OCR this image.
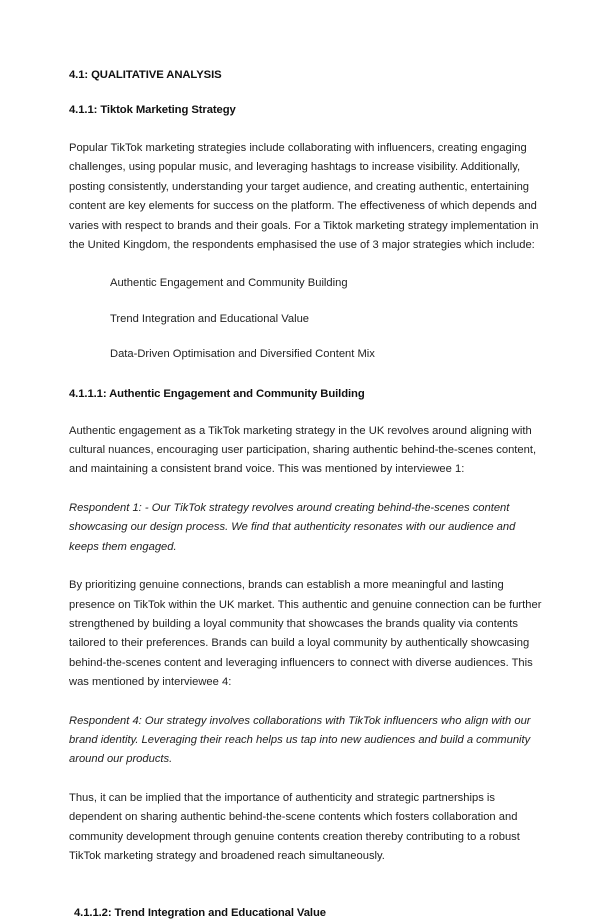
4.1: QUALITATIVE ANALYSIS
4.1.1: Tiktok Marketing Strategy

Popular TikTok marketing strategies include collaborating with influencers, creating engaging challenges, using popular music, and leveraging hashtags to increase visibility. Additionally, posting consistently, understanding your target audience, and creating authentic, entertaining content are key elements for success on the platform. The effectiveness of which depends and varies with respect to brands and their goals. For a Tiktok marketing strategy implementation in the United Kingdom, the respondents emphasised the use of 3 major strategies which include:

Authentic Engagement and Community Building
Trend Integration and Educational Value
Data-Driven Optimisation and Diversified Content Mix
4.1.1.1: Authentic Engagement and Community Building

Authentic engagement as a TikTok marketing strategy in the UK revolves around aligning with cultural nuances, encouraging user participation, sharing authentic behind-the-scenes content, and maintaining a consistent brand voice. This was mentioned by interviewee 1:

Respondent 1: - Our TikTok strategy revolves around creating behind-the-scenes content showcasing our design process. We find that authenticity resonates with our audience and keeps them engaged.

By prioritizing genuine connections, brands can establish a more meaningful and lasting presence on TikTok within the UK market. This authentic and genuine connection can be further strengthened by building a loyal community that showcases the brands quality via contents tailored to their preferences. Brands can build a loyal community by authentically showcasing behind-the-scenes content and leveraging influencers to connect with diverse audiences. This was mentioned by interviewee 4:

Respondent 4: Our strategy involves collaborations with TikTok influencers who align with our brand identity. Leveraging their reach helps us tap into new audiences and build a community around our products.

Thus, it can be implied that the importance of authenticity and strategic partnerships is dependent on sharing authentic behind-the-scene contents which fosters collaboration and community development through genuine contents creation thereby contributing to a robust TikTok marketing strategy and broadened reach simultaneously.

4.1.1.2: Trend Integration and Educational Value
